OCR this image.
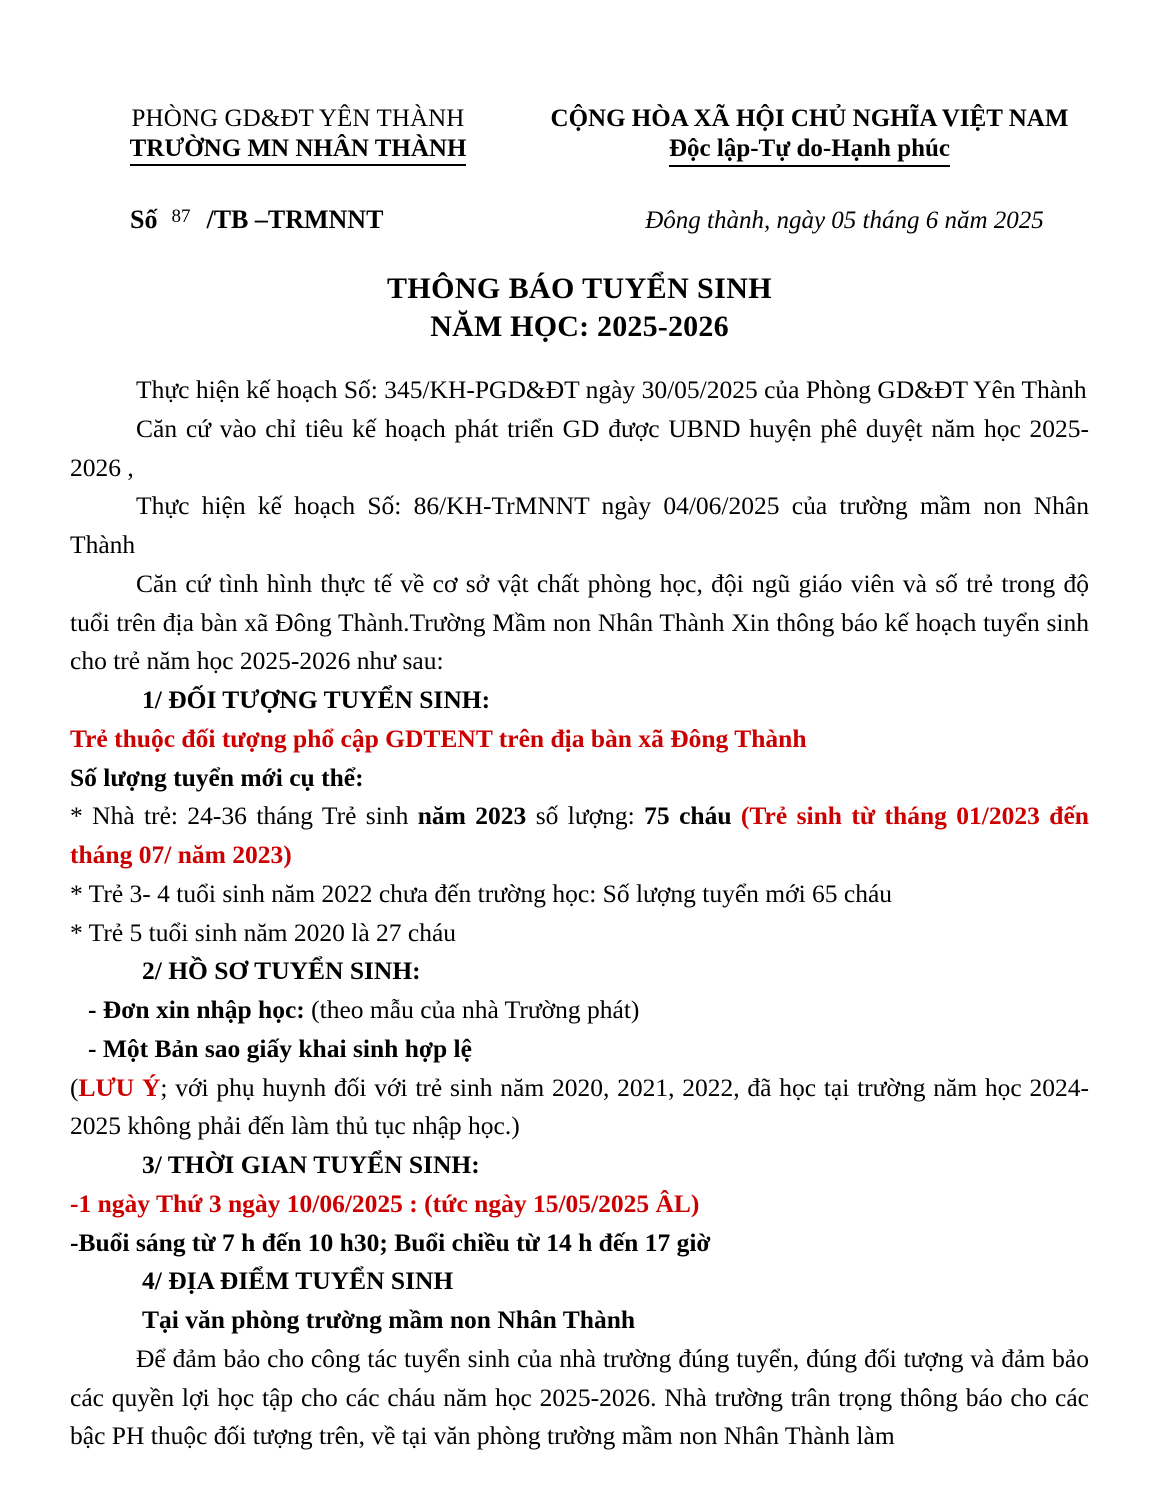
PHÒNG GD&ĐT YÊN THÀNH
TRƯỜNG MN NHÂN THÀNH
CỘNG HÒA XÃ HỘI CHỦ NGHĨA VIỆT NAM
Độc lập-Tự do-Hạnh phúc
Số 87 /TB –TRMNNT	Đông thành, ngày 05 tháng 6 năm 2025
THÔNG BÁO TUYỂN SINH
NĂM HỌC: 2025-2026

Thực hiện kế hoạch Số: 345/KH-PGD&ĐT ngày 30/05/2025 của Phòng GD&ĐT Yên Thành

Căn cứ vào chỉ tiêu kế hoạch phát triển GD được UBND huyện phê duyệt năm học 2025-2026 ,

Thực hiện kế hoạch Số: 86/KH-TrMNNT ngày 04/06/2025 của trường mầm non Nhân Thành

Căn cứ tình hình thực tế về cơ sở vật chất phòng học, đội ngũ giáo viên và số trẻ trong độ tuổi trên địa bàn xã Đông Thành.Trường Mầm non Nhân Thành Xin thông báo kế hoạch tuyển sinh cho trẻ năm học 2025-2026 như sau:

1/ ĐỐI TƯỢNG TUYỂN SINH:

Trẻ thuộc đối tượng phổ cập GDTENT trên địa bàn xã Đông Thành

Số lượng tuyển mới cụ thể:

* Nhà trẻ: 24-36 tháng Trẻ sinh năm 2023 số lượng: 75 cháu (Trẻ sinh từ tháng 01/2023 đến tháng 07/ năm 2023)

* Trẻ 3- 4 tuổi sinh năm 2022 chưa đến trường học: Số lượng tuyển mới 65 cháu

* Trẻ 5 tuổi sinh năm 2020 là 27 cháu

2/ HỒ SƠ TUYỂN SINH:

- Đơn xin nhập học: (theo mẫu của nhà Trường phát)

- Một Bản sao giấy khai sinh hợp lệ

(LƯU Ý; với phụ huynh đối với trẻ sinh năm 2020, 2021, 2022, đã học tại trường năm học 2024-2025 không phải đến làm thủ tục nhập học.)

3/ THỜI GIAN TUYỂN SINH:

-1 ngày Thứ 3 ngày 10/06/2025 : (tức ngày 15/05/2025 ÂL)

-Buổi sáng từ 7 h đến 10 h30; Buổi chiều từ 14 h đến 17 giờ

4/ ĐỊA ĐIỂM TUYỂN SINH

Tại văn phòng trường mầm non Nhân Thành

Để đảm bảo cho công tác tuyển sinh của nhà trường đúng tuyển, đúng đối tượng và đảm bảo các quyền lợi học tập cho các cháu năm học 2025-2026. Nhà trường trân trọng thông báo cho các bậc PH thuộc đối tượng trên, về tại văn phòng trường mầm non Nhân Thành làm
